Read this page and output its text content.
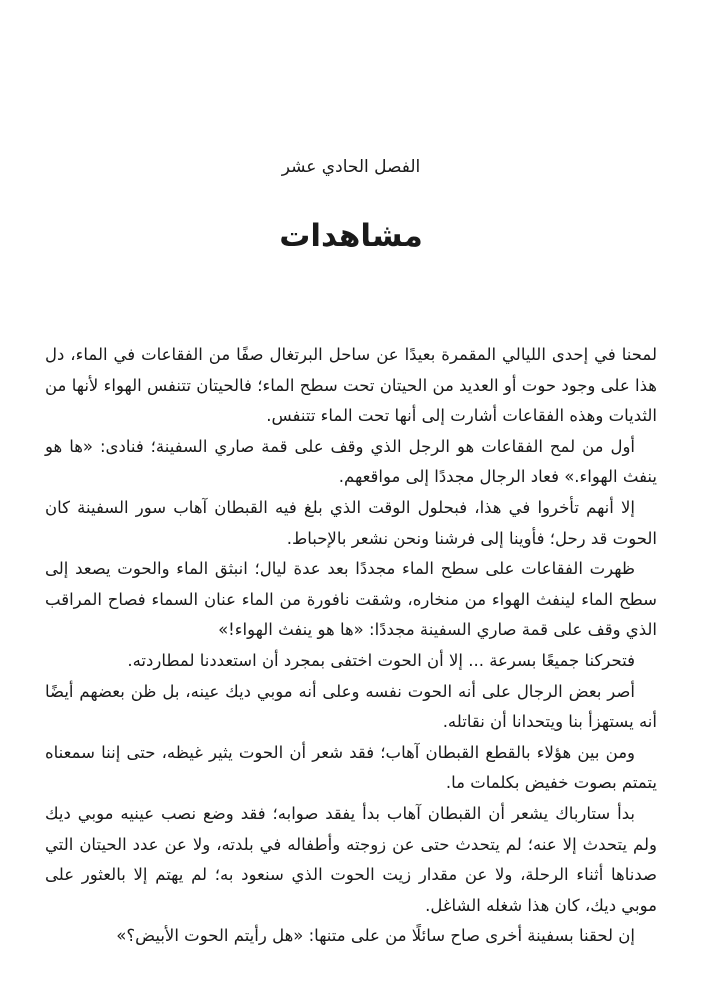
الفصل الحادي عشر
مشاهدات

لمحنا في إحدى الليالي المقمرة بعيدًا عن ساحل البرتغال صفًا من الفقاعات في الماء، دل هذا على وجود حوت أو العديد من الحيتان تحت سطح الماء؛ فالحيتان تتنفس الهواء لأنها من الثديات وهذه الفقاعات أشارت إلى أنها تحت الماء تتنفس.

أول من لمح الفقاعات هو الرجل الذي وقف على قمة صاري السفينة؛ فنادى: «ها هو ينفث الهواء.» فعاد الرجال مجددًا إلى مواقعهم.

إلا أنهم تأخروا في هذا، فبحلول الوقت الذي بلغ فيه القبطان آهاب سور السفينة كان الحوت قد رحل؛ فأوينا إلى فرشنا ونحن نشعر بالإحباط.

ظهرت الفقاعات على سطح الماء مجددًا بعد عدة ليال؛ انبثق الماء والحوت يصعد إلى سطح الماء لينفث الهواء من منخاره، وشقت نافورة من الماء عنان السماء فصاح المراقب الذي وقف على قمة صاري السفينة مجددًا: «ها هو ينفث الهواء!»

فتحركنا جميعًا بسرعة ... إلا أن الحوت اختفى بمجرد أن استعددنا لمطاردته.

أصر بعض الرجال على أنه الحوت نفسه وعلى أنه موبي ديك عينه، بل ظن بعضهم أيضًا أنه يستهزأ بنا ويتحدانا أن نقاتله.

ومن بين هؤلاء بالقطع القبطان آهاب؛ فقد شعر أن الحوت يثير غيظه، حتى إننا سمعناه يتمتم بصوت خفيض بكلمات ما.

بدأ ستارباك يشعر أن القبطان آهاب بدأ يفقد صوابه؛ فقد وضع نصب عينيه موبي ديك ولم يتحدث إلا عنه؛ لم يتحدث حتى عن زوجته وأطفاله في بلدته، ولا عن عدد الحيتان التي صدناها أثناء الرحلة، ولا عن مقدار زيت الحوت الذي سنعود به؛ لم يهتم إلا بالعثور على موبي ديك، كان هذا شغله الشاغل.

إن لحقنا بسفينة أخرى صاح سائلًا من على متنها: «هل رأيتم الحوت الأبيض؟»
